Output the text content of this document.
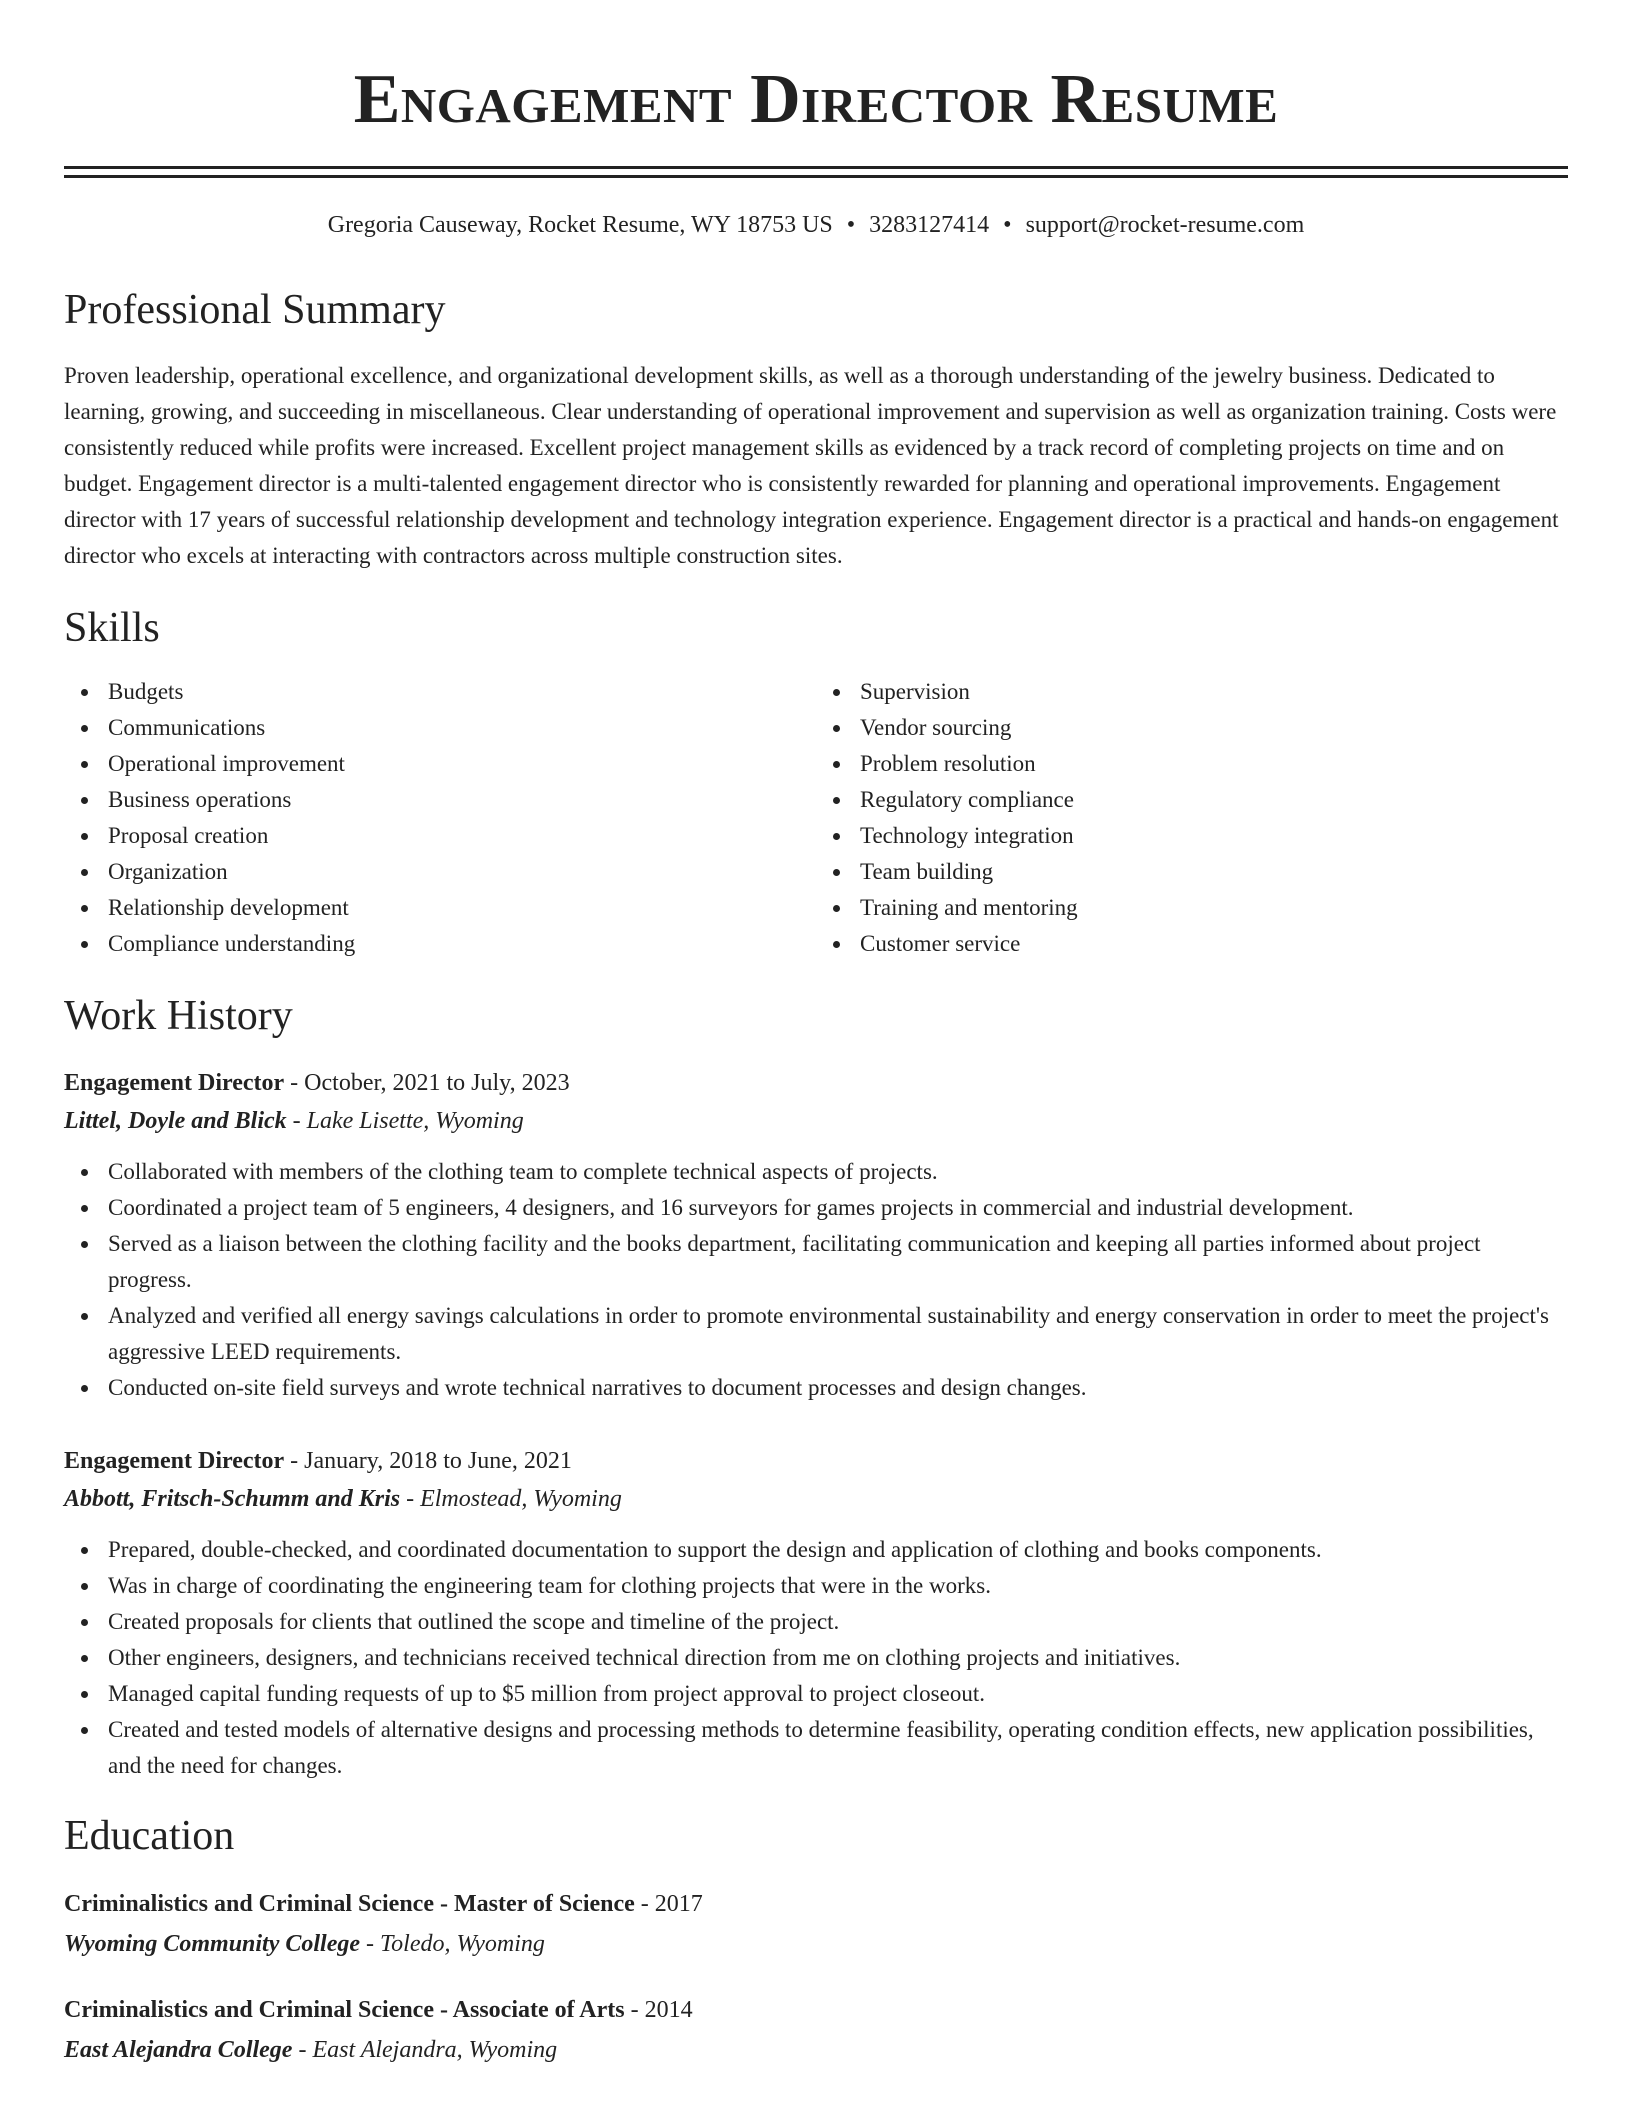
Engagement Director Resume
Gregoria Causeway, Rocket Resume, WY 18753 US • 3283127414 • support@rocket-resume.com
Professional Summary
Proven leadership, operational excellence, and organizational development skills, as well as a thorough understanding of the jewelry business. Dedicated to learning, growing, and succeeding in miscellaneous. Clear understanding of operational improvement and supervision as well as organization training. Costs were consistently reduced while profits were increased. Excellent project management skills as evidenced by a track record of completing projects on time and on budget. Engagement director is a multi-talented engagement director who is consistently rewarded for planning and operational improvements. Engagement director with 17 years of successful relationship development and technology integration experience. Engagement director is a practical and hands-on engagement director who excels at interacting with contractors across multiple construction sites.
Skills
Budgets
Communications
Operational improvement
Business operations
Proposal creation
Organization
Relationship development
Compliance understanding
Supervision
Vendor sourcing
Problem resolution
Regulatory compliance
Technology integration
Team building
Training and mentoring
Customer service
Work History
Engagement Director - October, 2021 to July, 2023
Littel, Doyle and Blick - Lake Lisette, Wyoming
Collaborated with members of the clothing team to complete technical aspects of projects.
Coordinated a project team of 5 engineers, 4 designers, and 16 surveyors for games projects in commercial and industrial development.
Served as a liaison between the clothing facility and the books department, facilitating communication and keeping all parties informed about project progress.
Analyzed and verified all energy savings calculations in order to promote environmental sustainability and energy conservation in order to meet the project's aggressive LEED requirements.
Conducted on-site field surveys and wrote technical narratives to document processes and design changes.
Engagement Director - January, 2018 to June, 2021
Abbott, Fritsch-Schumm and Kris - Elmostead, Wyoming
Prepared, double-checked, and coordinated documentation to support the design and application of clothing and books components.
Was in charge of coordinating the engineering team for clothing projects that were in the works.
Created proposals for clients that outlined the scope and timeline of the project.
Other engineers, designers, and technicians received technical direction from me on clothing projects and initiatives.
Managed capital funding requests of up to $5 million from project approval to project closeout.
Created and tested models of alternative designs and processing methods to determine feasibility, operating condition effects, new application possibilities, and the need for changes.
Education
Criminalistics and Criminal Science - Master of Science - 2017
Wyoming Community College - Toledo, Wyoming
Criminalistics and Criminal Science - Associate of Arts - 2014
East Alejandra College - East Alejandra, Wyoming
